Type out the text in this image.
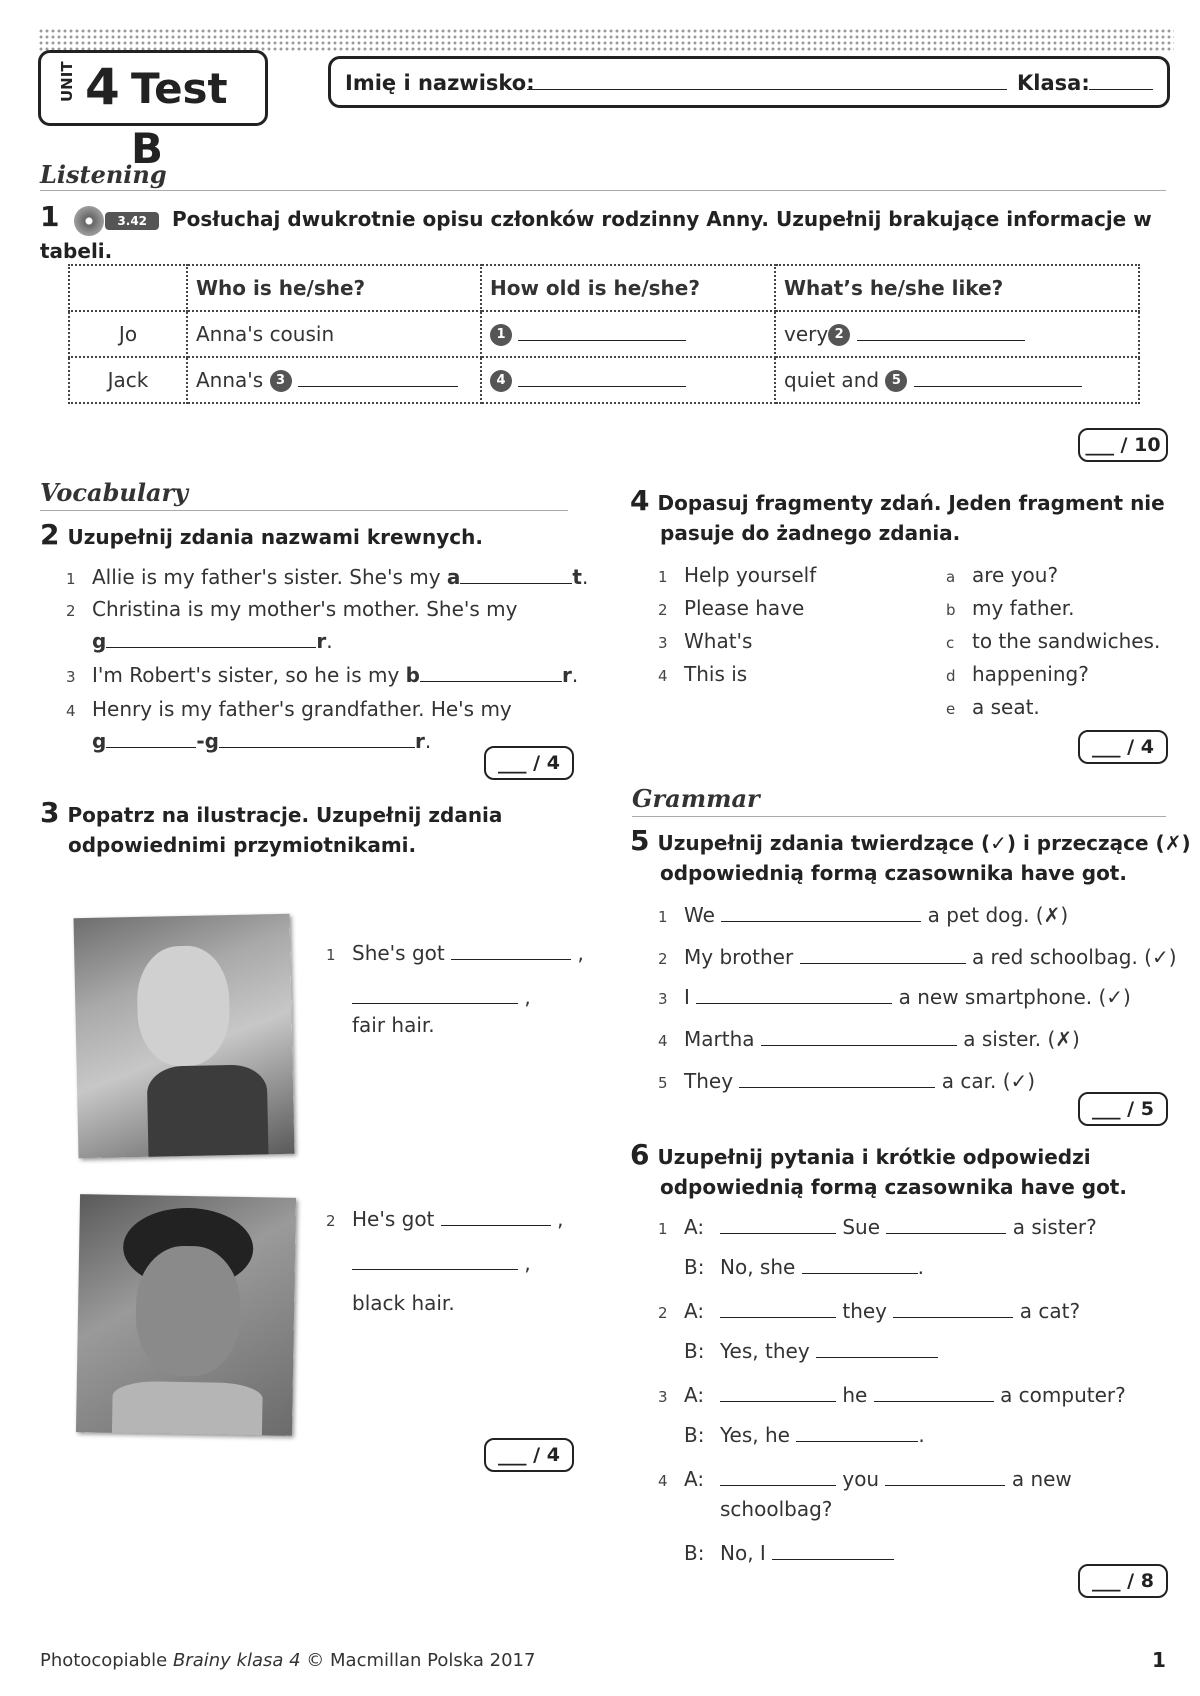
UNIT 4 Test B
Imię i nazwisko:	Klasa:
Listening
1	3.42 Posłuchaj dwukrotnie opisu członków rodzinny Anny. Uzupełnij brakujące informacje w tabeli.
	Who is he/she?	How old is he/she?	What’s he/she like?
Jo	Anna's cousin	1	very 2
Jack	Anna's 3	4	quiet and 5
___ / 10
Vocabulary
2 Uzupełnij zdania nazwami krewnych.
1 Allie is my father's sister. She's my a	t.
2 Christina is my mother's mother. She's my
g	r.
3 I'm Robert's sister, so he is my b	r.
4 Henry is my father's grandfather. He's my
g	-g	r.
___ / 4
3 Popatrz na ilustracje. Uzupełnij zdania
odpowiednimi przymiotnikami.
1 She's got	,
,
fair hair.
2 He's got	,
,
black hair.
___ / 4
4 Dopasuj fragmenty zdań. Jeden fragment nie
pasuje do żadnego zdania.
1 Help yourself
2 Please have
3 What's
4 This is
a are you?
b my father.
c to the sandwiches.
d happening?
e a seat.
___ / 4
Grammar
5 Uzupełnij zdania twierdzące (✓) i przeczące (✗)
odpowiednią formą czasownika have got.
1 We	a pet dog. (✗)
2 My brother	a red schoolbag. (✓)
3 I	a new smartphone. (✓)
4 Martha	a sister. (✗)
5 They	a car. (✓)
___ / 5
6 Uzupełnij pytania i krótkie odpowiedzi
odpowiednią formą czasownika have got.
1 A:	Sue	a sister?
B: No, she	.
2 A:	they	a cat?
B: Yes, they
3 A:	he	a computer?
B: Yes, he	.
4 A:	you	a new
schoolbag?
B: No, I
___ / 8
Photocopiable Brainy klasa 4 © Macmillan Polska 2017	1
